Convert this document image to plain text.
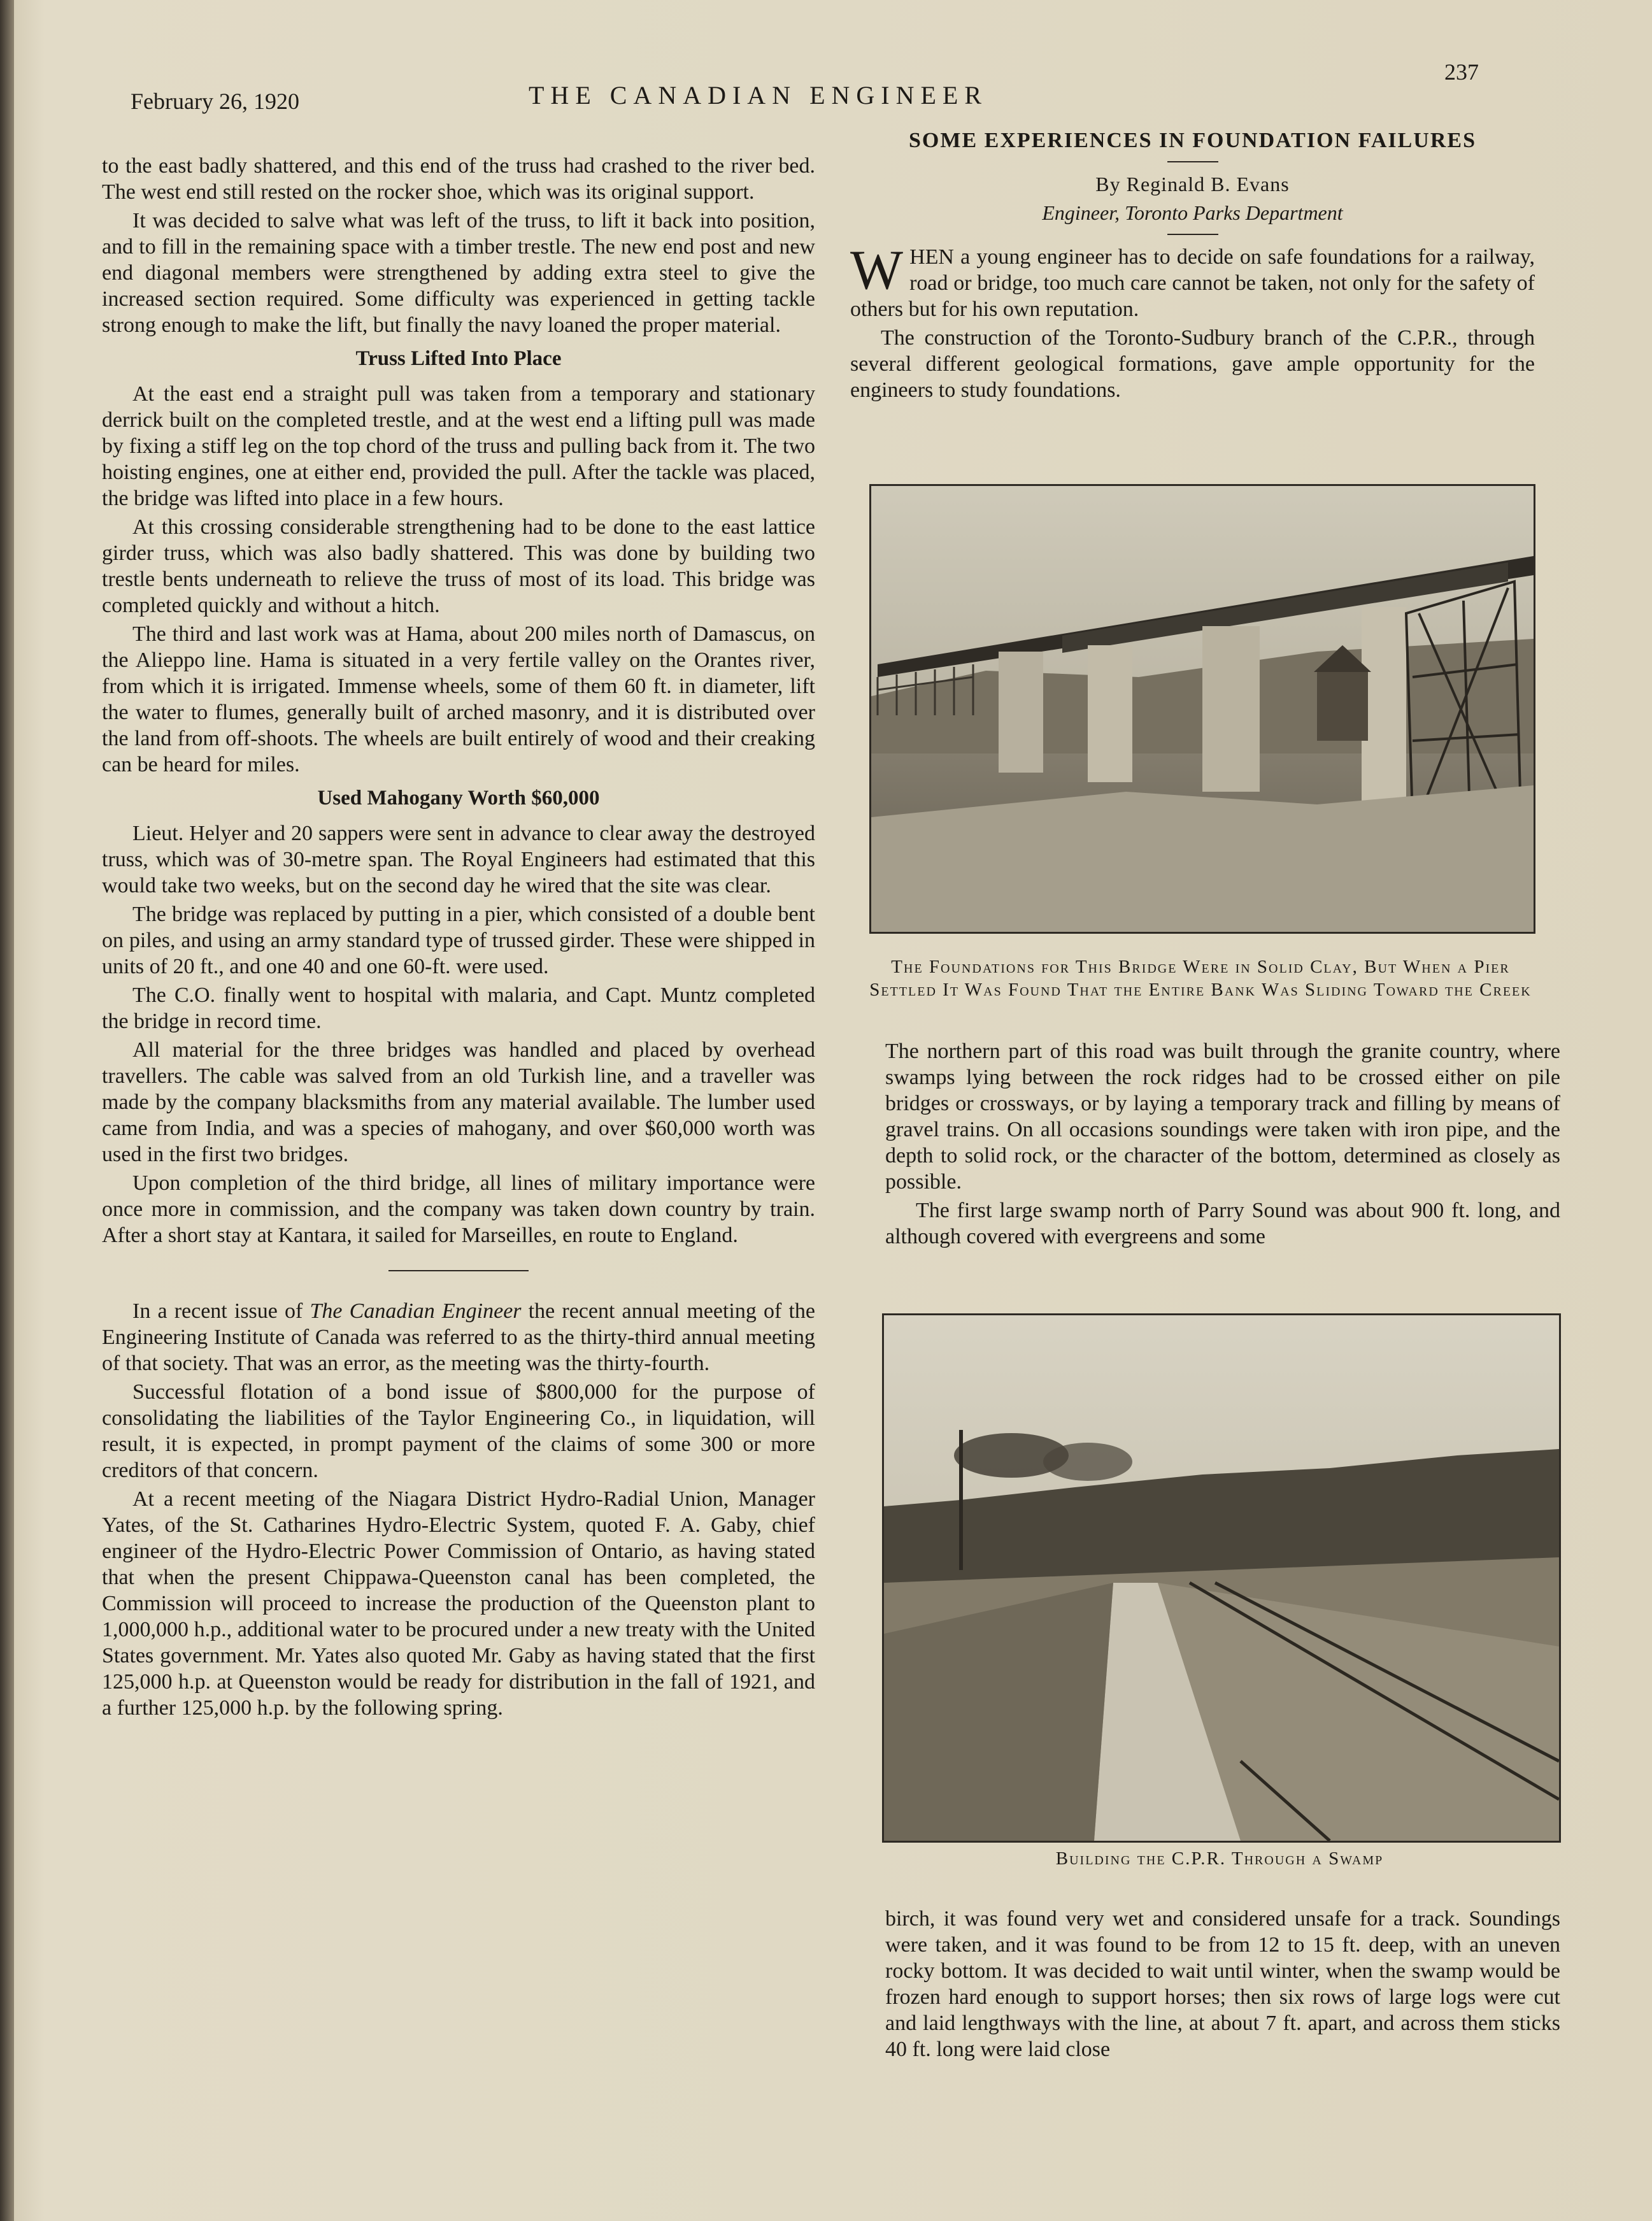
February 26, 1920	THE CANADIAN ENGINEER
237

to the east badly shattered, and this end of the truss had crashed to the river bed. The west end still rested on the rocker shoe, which was its original support.

It was decided to salve what was left of the truss, to lift it back into position, and to fill in the remaining space with a timber trestle. The new end post and new end diagonal members were strengthened by adding extra steel to give the increased section required. Some difficulty was experienced in getting tackle strong enough to make the lift, but finally the navy loaned the proper material.

Truss Lifted Into Place

At the east end a straight pull was taken from a temporary and stationary derrick built on the completed trestle, and at the west end a lifting pull was made by fixing a stiff leg on the top chord of the truss and pulling back from it. The two hoisting engines, one at either end, provided the pull. After the tackle was placed, the bridge was lifted into place in a few hours.

At this crossing considerable strengthening had to be done to the east lattice girder truss, which was also badly shattered. This was done by building two trestle bents underneath to relieve the truss of most of its load. This bridge was completed quickly and without a hitch.

The third and last work was at Hama, about 200 miles north of Damascus, on the Alieppo line. Hama is situated in a very fertile valley on the Orantes river, from which it is irrigated. Immense wheels, some of them 60 ft. in diameter, lift the water to flumes, generally built of arched masonry, and it is distributed over the land from off-shoots. The wheels are built entirely of wood and their creaking can be heard for miles.

Used Mahogany Worth $60,000

Lieut. Helyer and 20 sappers were sent in advance to clear away the destroyed truss, which was of 30-metre span. The Royal Engineers had estimated that this would take two weeks, but on the second day he wired that the site was clear.

The bridge was replaced by putting in a pier, which consisted of a double bent on piles, and using an army standard type of trussed girder. These were shipped in units of 20 ft., and one 40 and one 60-ft. were used.

The C.O. finally went to hospital with malaria, and Capt. Muntz completed the bridge in record time.

All material for the three bridges was handled and placed by overhead travellers. The cable was salved from an old Turkish line, and a traveller was made by the company blacksmiths from any material available. The lumber used came from India, and was a species of mahogany, and over $60,000 worth was used in the first two bridges.

Upon completion of the third bridge, all lines of military importance were once more in commission, and the company was taken down country by train. After a short stay at Kantara, it sailed for Marseilles, en route to England.

In a recent issue of The Canadian Engineer the recent annual meeting of the Engineering Institute of Canada was referred to as the thirty-third annual meeting of that society. That was an error, as the meeting was the thirty-fourth.

Successful flotation of a bond issue of $800,000 for the purpose of consolidating the liabilities of the Taylor Engineering Co., in liquidation, will result, it is expected, in prompt payment of the claims of some 300 or more creditors of that concern.

At a recent meeting of the Niagara District Hydro-Radial Union, Manager Yates, of the St. Catharines Hydro-Electric System, quoted F. A. Gaby, chief engineer of the Hydro-Electric Power Commission of Ontario, as having stated that when the present Chippawa-Queenston canal has been completed, the Commission will proceed to increase the production of the Queenston plant to 1,000,000 h.p., additional water to be procured under a new treaty with the United States government. Mr. Yates also quoted Mr. Gaby as having stated that the first 125,000 h.p. at Queenston would be ready for distribution in the fall of 1921, and a further 125,000 h.p. by the following spring.

SOME EXPERIENCES IN FOUNDATION FAILURES

By Reginald B. Evans

Engineer, Toronto Parks Department

WHEN a young engineer has to decide on safe foundations for a railway, road or bridge, too much care cannot be taken, not only for the safety of others but for his own reputation.

The construction of the Toronto-Sudbury branch of the C.P.R., through several different geological formations, gave ample opportunity for the engineers to study foundations.

The Foundations for This Bridge Were in Solid Clay, But When a Pier Settled It Was Found That the Entire Bank Was Sliding Toward the Creek

The northern part of this road was built through the granite country, where swamps lying between the rock ridges had to be crossed either on pile bridges or crossways, or by laying a temporary track and filling by means of gravel trains. On all occasions soundings were taken with iron pipe, and the depth to solid rock, or the character of the bottom, determined as closely as possible.

The first large swamp north of Parry Sound was about 900 ft. long, and although covered with evergreens and some

Building the C.P.R. Through a Swamp

birch, it was found very wet and considered unsafe for a track. Soundings were taken, and it was found to be from 12 to 15 ft. deep, with an uneven rocky bottom. It was decided to wait until winter, when the swamp would be frozen hard enough to support horses; then six rows of large logs were cut and laid lengthways with the line, at about 7 ft. apart, and across them sticks 40 ft. long were laid close
